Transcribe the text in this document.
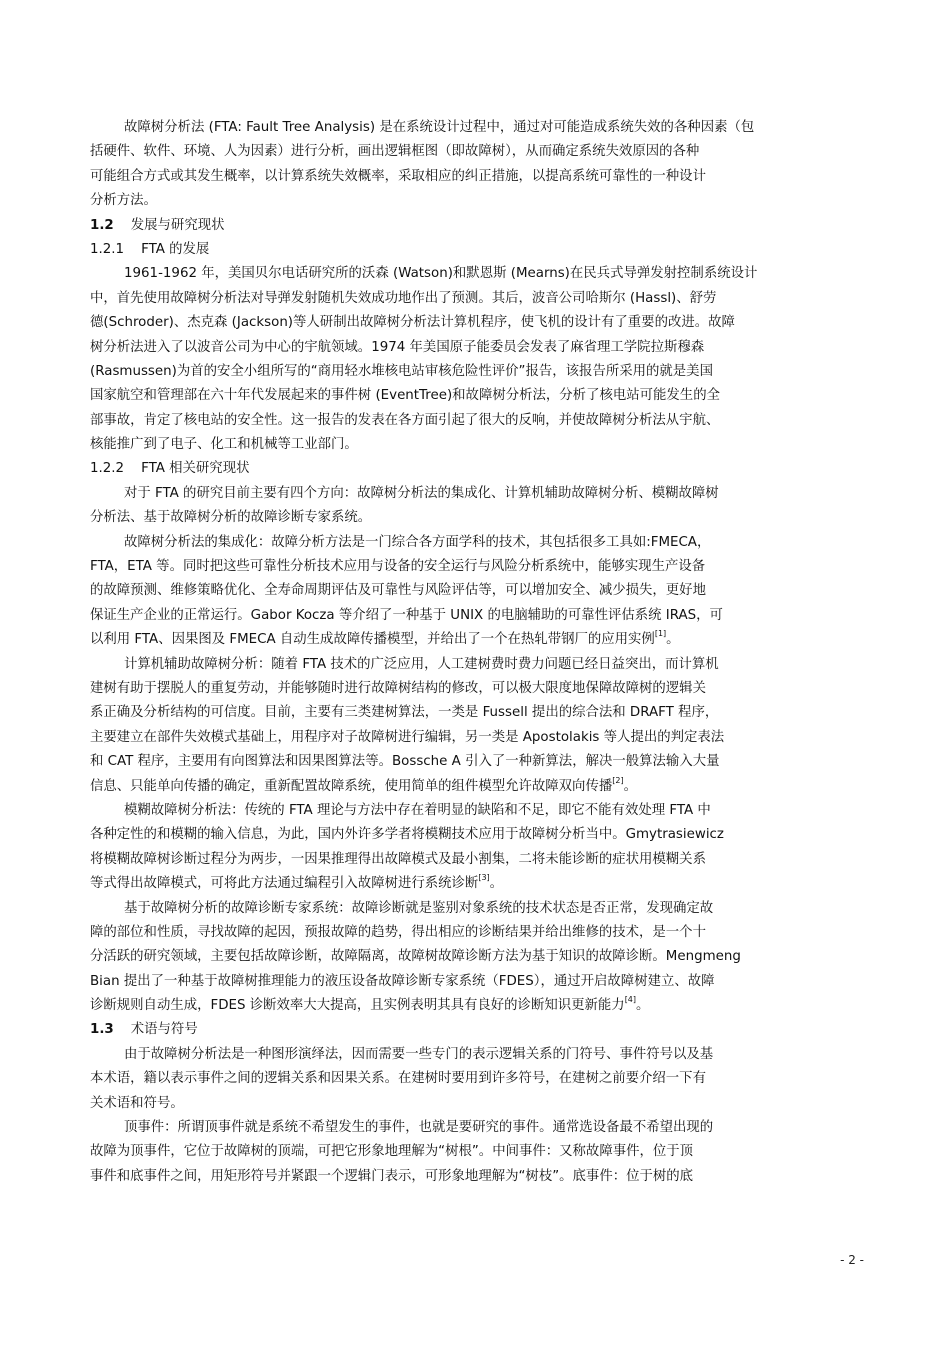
故障树分析法 (FTA: Fault Tree Analysis) 是在系统设计过程中，通过对可能造成系统失效的各种因素（包
括硬件、软件、环境、人为因素）进行分析，画出逻辑框图（即故障树），从而确定系统失效原因的各种
可能组合方式或其发生概率，以计算系统失效概率，采取相应的纠正措施，以提高系统可靠性的一种设计
分析方法。
1.2 发展与研究现状
1.2.1 FTA 的发展
1961-1962 年，美国贝尔电话研究所的沃森 (Watson)和默恩斯 (Mearns)在民兵式导弹发射控制系统设计
中，首先使用故障树分析法对导弹发射随机失效成功地作出了预测。其后，波音公司哈斯尔 (Hassl)、舒劳
德(Schroder)、杰克森 (Jackson)等人研制出故障树分析法计算机程序，使飞机的设计有了重要的改进。故障
树分析法进入了以波音公司为中心的宇航领域。1974 年美国原子能委员会发表了麻省理工学院拉斯穆森
(Rasmussen)为首的安全小组所写的“商用轻水堆核电站审核危险性评价”报告，该报告所采用的就是美国
国家航空和管理部在六十年代发展起来的事件树 (EventTree)和故障树分析法，分析了核电站可能发生的全
部事故，肯定了核电站的安全性。这一报告的发表在各方面引起了很大的反响，并使故障树分析法从宇航、
核能推广到了电子、化工和机械等工业部门。
1.2.2 FTA 相关研究现状
对于 FTA 的研究目前主要有四个方向：故障树分析法的集成化、计算机辅助故障树分析、模糊故障树
分析法、基于故障树分析的故障诊断专家系统。
故障树分析法的集成化：故障分析方法是一门综合各方面学科的技术，其包括很多工具如:FMECA，
FTA，ETA 等。同时把这些可靠性分析技术应用与设备的安全运行与风险分析系统中，能够实现生产设备
的故障预测、维修策略优化、全寿命周期评估及可靠性与风险评估等，可以增加安全、减少损失，更好地
保证生产企业的正常运行。Gabor Kocza 等介绍了一种基于 UNIX 的电脑辅助的可靠性评估系统 IRAS，可
以利用 FTA、因果图及 FMECA 自动生成故障传播模型，并给出了一个在热轧带钢厂的应用实例[1]。
计算机辅助故障树分析：随着 FTA 技术的广泛应用，人工建树费时费力问题已经日益突出，而计算机
建树有助于摆脱人的重复劳动，并能够随时进行故障树结构的修改，可以极大限度地保障故障树的逻辑关
系正确及分析结构的可信度。目前，主要有三类建树算法，一类是 Fussell 提出的综合法和 DRAFT 程序，
主要建立在部件失效模式基础上，用程序对子故障树进行编辑，另一类是 Apostolakis 等人提出的判定表法
和 CAT 程序，主要用有向图算法和因果图算法等。Bossche A 引入了一种新算法，解决一般算法输入大量
信息、只能单向传播的确定，重新配置故障系统，使用简单的组件模型允许故障双向传播[2]。
模糊故障树分析法：传统的 FTA 理论与方法中存在着明显的缺陷和不足，即它不能有效处理 FTA 中
各种定性的和模糊的输入信息，为此，国内外许多学者将模糊技术应用于故障树分析当中。Gmytrasiewicz
将模糊故障树诊断过程分为两步，一因果推理得出故障模式及最小割集，二将未能诊断的症状用模糊关系
等式得出故障模式，可将此方法通过编程引入故障树进行系统诊断[3]。
基于故障树分析的故障诊断专家系统：故障诊断就是鉴别对象系统的技术状态是否正常，发现确定故
障的部位和性质，寻找故障的起因，预报故障的趋势，得出相应的诊断结果并给出维修的技术，是一个十
分活跃的研究领域，主要包括故障诊断，故障隔离，故障树故障诊断方法为基于知识的故障诊断。Mengmeng
Bian 提出了一种基于故障树推理能力的液压设备故障诊断专家系统（FDES），通过开启故障树建立、故障
诊断规则自动生成，FDES 诊断效率大大提高，且实例表明其具有良好的诊断知识更新能力[4]。
1.3 术语与符号
由于故障树分析法是一种图形演绎法，因而需要一些专门的表示逻辑关系的门符号、事件符号以及基
本术语，籍以表示事件之间的逻辑关系和因果关系。在建树时要用到许多符号，在建树之前要介绍一下有
关术语和符号。
顶事件：所谓顶事件就是系统不希望发生的事件，也就是要研究的事件。通常选设备最不希望出现的
故障为顶事件，它位于故障树的顶端，可把它形象地理解为“树根”。中间事件：又称故障事件，位于顶
事件和底事件之间，用矩形符号并紧跟一个逻辑门表示，可形象地理解为“树枝”。底事件：位于树的底
- 2 -
